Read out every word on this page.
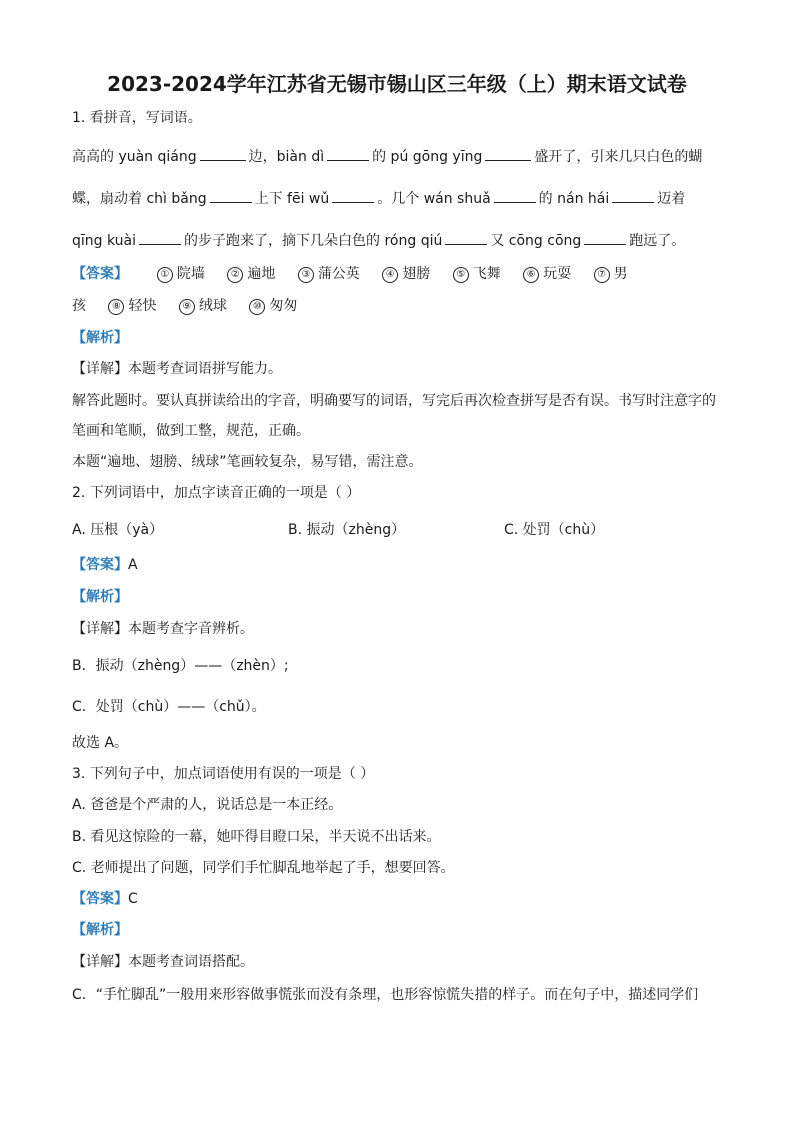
2023-2024学年江苏省无锡市锡山区三年级（上）期末语文试卷
1. 看拼音，写词语。
高高的 yuàn qiáng	边，biàn dì	的 pú gōng yīng	盛开了，引来几只白色的蝴
蝶，扇动着 chì bǎng	上下 fēi wǔ	。几个 wán shuǎ	的 nán hái	迈着
qīng kuài	的步子跑来了，摘下几朵白色的 róng qiú	又 cōng cōng	跑远了。
【答案】	① 院墙	② 遍地	③ 蒲公英	④ 翅膀	⑤ 飞舞	⑥ 玩耍	⑦ 男
孩	⑧ 轻快	⑨ 绒球	⑩ 匆匆
【解析】
【详解】本题考查词语拼写能力。
解答此题时。要认真拼读给出的字音，明确要写的词语，写完后再次检查拼写是否有误。书写时注意字的
笔画和笔顺，做到工整，规范，正确。
本题“遍地、翅膀、绒球”笔画较复杂，易写错，需注意。
2. 下列词语中，加点字读音正确的一项是（ ）
A. 压根（yà）	B. 振动（zhèng）	C. 处罚（chù）
【答案】A
【解析】
【详解】本题考查字音辨析。
B．振动（zhèng）——（zhèn）;
C．处罚（chù）——（chǔ）。
故选 A。
3. 下列句子中，加点词语使用有误的一项是（ ）
A. 爸爸是个严肃的人，说话总是一本正经。
B. 看见这惊险的一幕，她吓得目瞪口呆，半天说不出话来。
C. 老师提出了问题，同学们手忙脚乱地举起了手，想要回答。
【答案】C
【解析】
【详解】本题考查词语搭配。
C．“手忙脚乱”一般用来形容做事慌张而没有条理，也形容惊慌失措的样子。而在句子中，描述同学们
